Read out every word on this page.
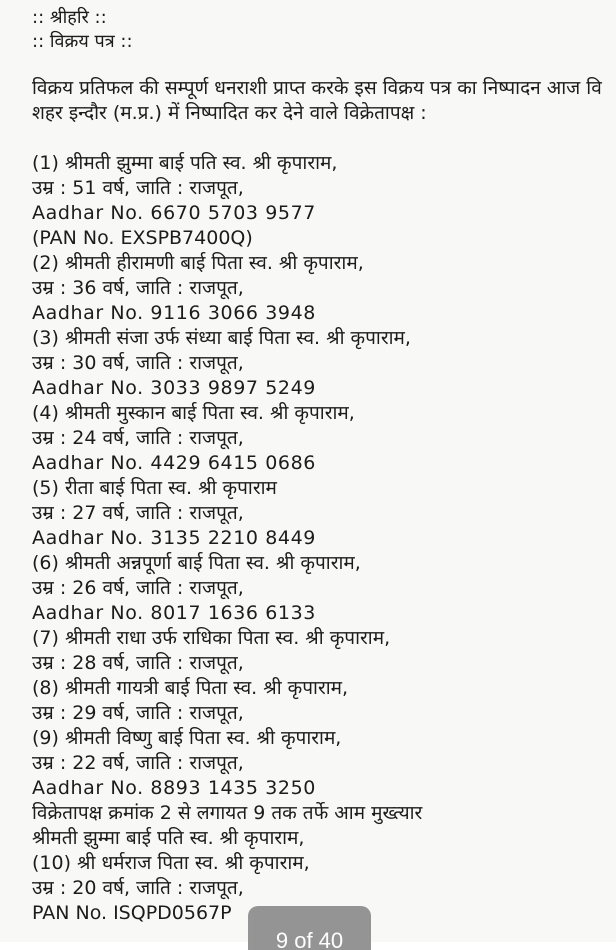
:: श्रीहरि ::
:: विक्रय पत्र ::
विक्रय प्रतिफल की सम्पूर्ण धनराशी प्राप्त करके इस विक्रय पत्र का निष्पादन आज वि
शहर इन्दौर (म.प्र.) में निष्पादित कर देने वाले विक्रेतापक्ष :
(1) श्रीमती झुम्मा बाई पति स्व. श्री कृपाराम,
उम्र : 51 वर्ष, जाति : राजपूत,
Aadhar No. 6670 5703 9577
(PAN No. EXSPB7400Q)
(2) श्रीमती हीरामणी बाई पिता स्व. श्री कृपाराम,
उम्र : 36 वर्ष, जाति : राजपूत,
Aadhar No. 9116 3066 3948
(3) श्रीमती संजा उर्फ संध्या बाई पिता स्व. श्री कृपाराम,
उम्र : 30 वर्ष, जाति : राजपूत,
Aadhar No. 3033 9897 5249
(4) श्रीमती मुस्कान बाई पिता स्व. श्री कृपाराम,
उम्र : 24 वर्ष, जाति : राजपूत,
Aadhar No. 4429 6415 0686
(5) रीता बाई पिता स्व. श्री कृपाराम
उम्र : 27 वर्ष, जाति : राजपूत,
Aadhar No. 3135 2210 8449
(6) श्रीमती अन्नपूर्णा बाई पिता स्व. श्री कृपाराम,
उम्र : 26 वर्ष, जाति : राजपूत,
Aadhar No. 8017 1636 6133
(7) श्रीमती राधा उर्फ राधिका पिता स्व. श्री कृपाराम,
उम्र : 28 वर्ष, जाति : राजपूत,
(8) श्रीमती गायत्री बाई पिता स्व. श्री कृपाराम,
उम्र : 29 वर्ष, जाति : राजपूत,
(9) श्रीमती विष्णु बाई पिता स्व. श्री कृपाराम,
उम्र : 22 वर्ष, जाति : राजपूत,
Aadhar No. 8893 1435 3250
विक्रेतापक्ष क्रमांक 2 से लगायत 9 तक तर्फे आम मुख्त्यार
श्रीमती झुम्मा बाई पति स्व. श्री कृपाराम,
(10) श्री धर्मराज पिता स्व. श्री कृपाराम,
उम्र : 20 वर्ष, जाति : राजपूत,
PAN No. ISQPD0567P
9 of 40
